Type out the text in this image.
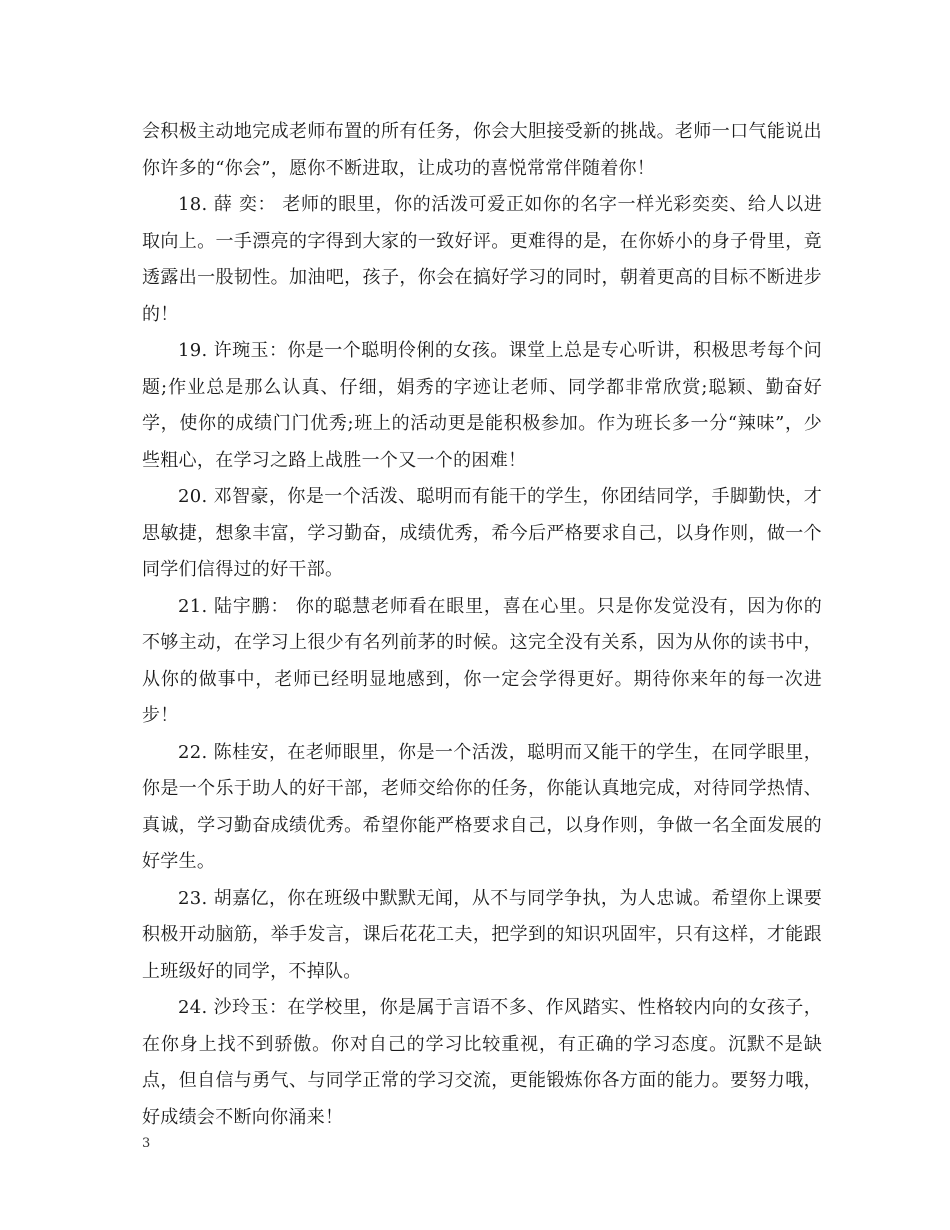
会积极主动地完成老师布置的所有任务，你会大胆接受新的挑战。老师一口气能说出你许多的“你会”，愿你不断进取，让成功的喜悦常常伴随着你！

18. 薛 奕： 老师的眼里，你的活泼可爱正如你的名字一样光彩奕奕、给人以进取向上。一手漂亮的字得到大家的一致好评。更难得的是，在你娇小的身子骨里，竟透露出一股韧性。加油吧，孩子，你会在搞好学习的同时，朝着更高的目标不断进步的！

19. 许琬玉：你是一个聪明伶俐的女孩。课堂上总是专心听讲，积极思考每个问题;作业总是那么认真、仔细，娟秀的字迹让老师、同学都非常欣赏;聪颖、勤奋好学，使你的成绩门门优秀;班上的活动更是能积极参加。作为班长多一分“辣味”，少些粗心，在学习之路上战胜一个又一个的困难！

20. 邓智豪，你是一个活泼、聪明而有能干的学生，你团结同学，手脚勤快，才思敏捷，想象丰富，学习勤奋，成绩优秀，希今后严格要求自己，以身作则，做一个同学们信得过的好干部。

21. 陆宇鹏： 你的聪慧老师看在眼里，喜在心里。只是你发觉没有，因为你的不够主动，在学习上很少有名列前茅的时候。这完全没有关系，因为从你的读书中，从你的做事中，老师已经明显地感到，你一定会学得更好。期待你来年的每一次进步！

22. 陈桂安，在老师眼里，你是一个活泼，聪明而又能干的学生，在同学眼里，你是一个乐于助人的好干部，老师交给你的任务，你能认真地完成，对待同学热情、真诚，学习勤奋成绩优秀。希望你能严格要求自己，以身作则，争做一名全面发展的好学生。

23. 胡嘉亿，你在班级中默默无闻，从不与同学争执，为人忠诚。希望你上课要积极开动脑筋，举手发言，课后花花工夫，把学到的知识巩固牢，只有这样，才能跟上班级好的同学，不掉队。

24. 沙玲玉：在学校里，你是属于言语不多、作风踏实、性格较内向的女孩子，在你身上找不到骄傲。你对自己的学习比较重视，有正确的学习态度。沉默不是缺点，但自信与勇气、与同学正常的学习交流，更能锻炼你各方面的能力。要努力哦，好成绩会不断向你涌来！

3
